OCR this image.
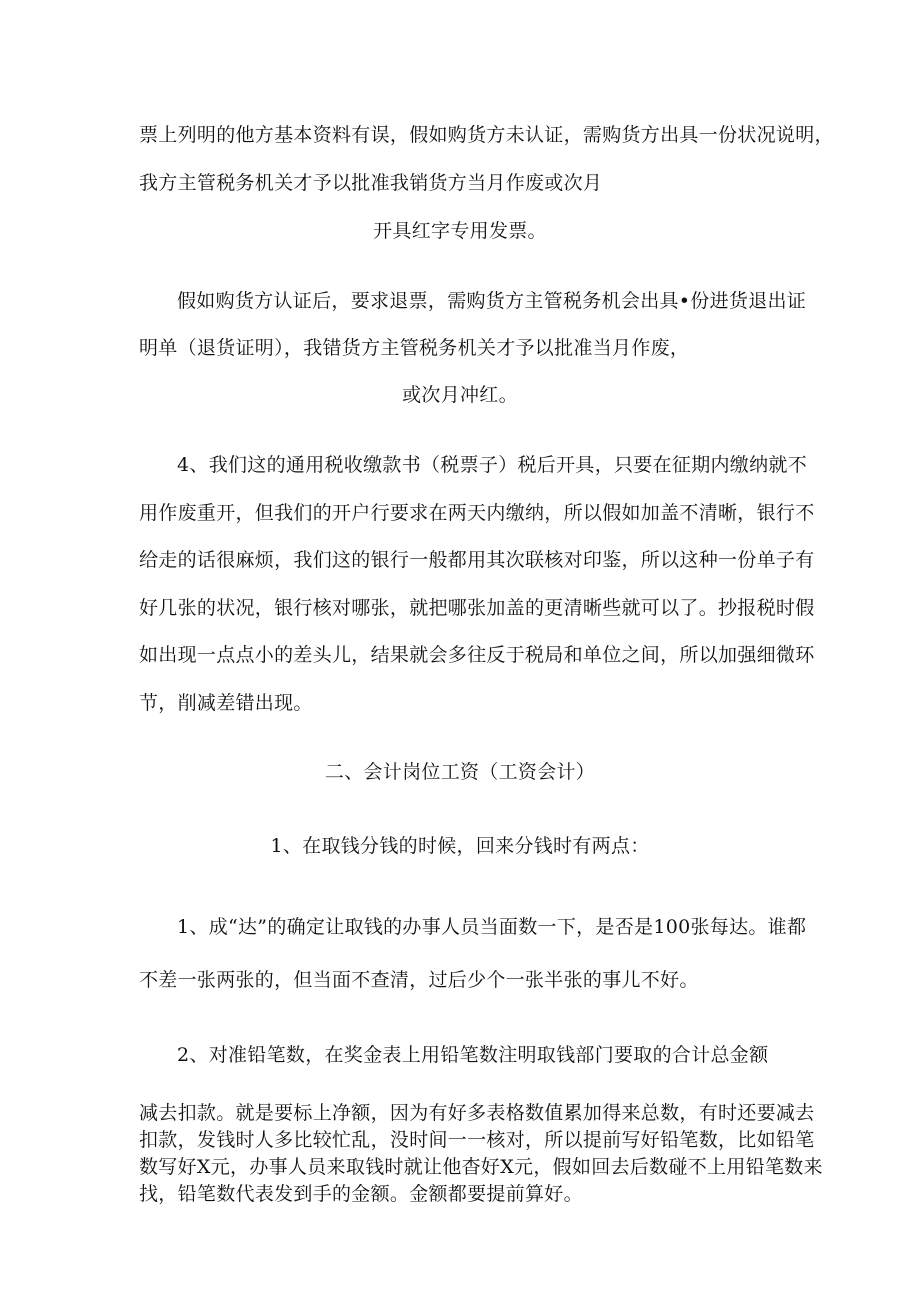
票上列明的他方基本资料有误，假如购货方未认证，需购货方出具一份状况说明，
我方主管税务机关才予以批准我销货方当月作废或次月
开具红字专用发票。
假如购货方认证后，要求退票，需购货方主管税务机会出具•份进货退出证
明单（退货证明），我错货方主管税务机关才予以批准当月作废，
或次月冲红。
4、我们这的通用税收缴款书（税票子）税后开具，只要在征期内缴纳就不
用作废重开，但我们的开户行要求在两天内缴纳，所以假如加盖不清晰，银行不
给走的话很麻烦，我们这的银行一般都用其次联核对印鉴，所以这种一份单子有
好几张的状况，银行核对哪张，就把哪张加盖的更清晰些就可以了。抄报税时假
如出现一点点小的差头儿，结果就会多往反于税局和单位之间，所以加强细微环
节，削减差错出现。
二、会计岗位工资（工资会计）
1、在取钱分钱的时候，回来分钱时有两点：
1、成“达”的确定让取钱的办事人员当面数一下，是否是100张每达。谁都
不差一张两张的，但当面不查清，过后少个一张半张的事儿不好。
2、对准铅笔数，在奖金表上用铅笔数注明取钱部门要取的合计总金额
减去扣款。就是要标上净额，因为有好多表格数值累加得来总数，有时还要减去
扣款，发钱时人多比较忙乱，没时间一一核对，所以提前写好铅笔数，比如铅笔
数写好X元，办事人员来取钱时就让他杳好X元，假如回去后数碰不上用铅笔数来
找，铅笔数代表发到手的金额。金额都要提前算好。
